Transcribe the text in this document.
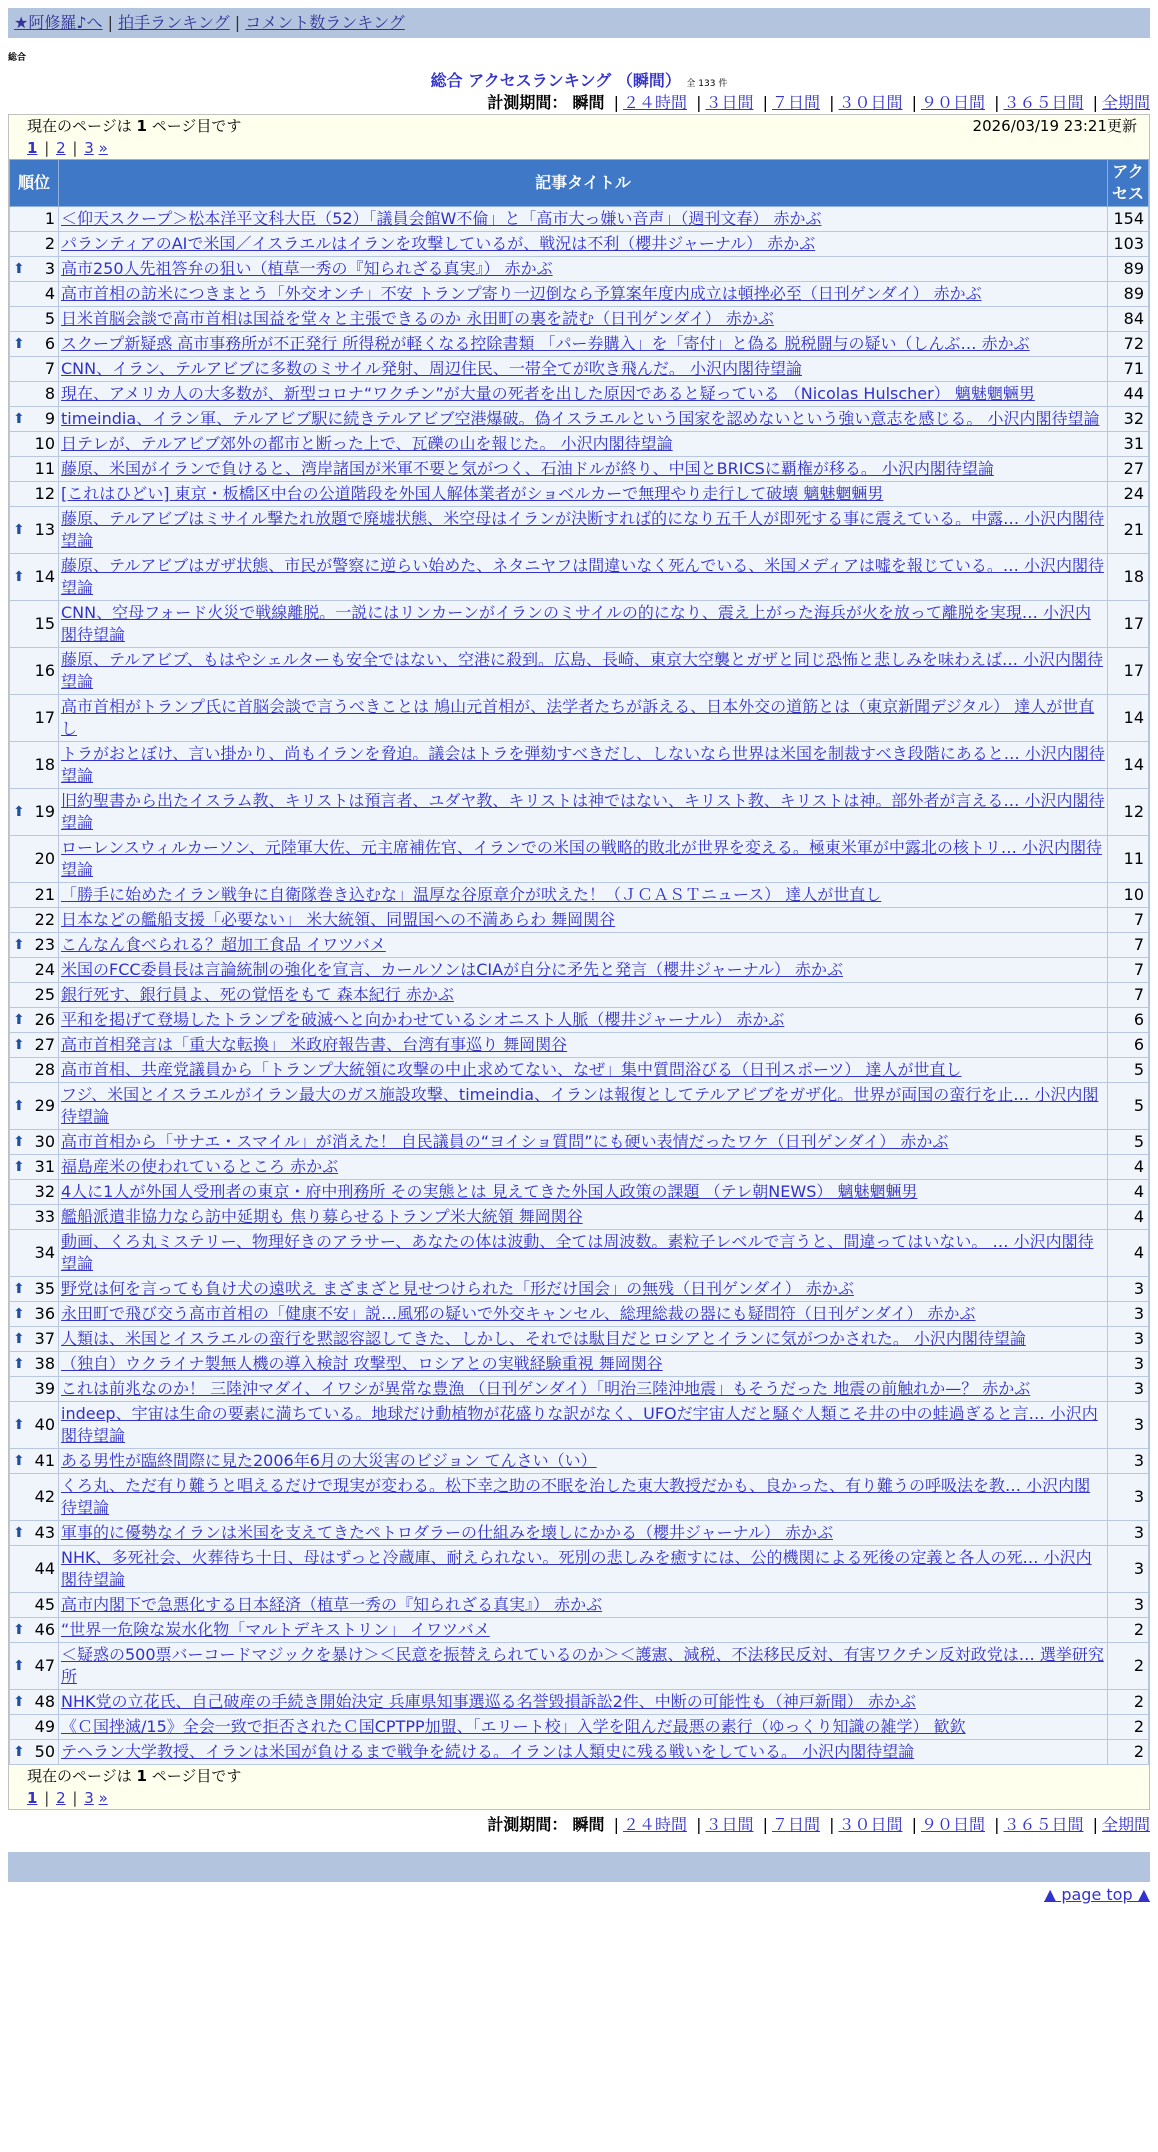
★阿修羅♪へ | 拍手ランキング | コメント数ランキング
総合
総合 アクセスランキング （瞬間） 全 133 件
計測期間： 瞬間 | ２４時間 | ３日間 | ７日間 | ３０日間 | ９０日間 | ３６５日間 | 全期間
現在のページは 1 ページ目です	2026/03/19 23:21更新
1 | 2 | 3 »
順位	記事タイトル	アクセス
1	＜仰天スクープ＞松本洋平文科大臣（52）「議員会館W不倫」と「高市大っ嫌い音声」（週刊文春） 赤かぶ	154
2	パランティアのAIで米国／イスラエルはイランを攻撃しているが、戦況は不利（櫻井ジャーナル） 赤かぶ	103

⬆ 3	高市250人先祖答弁の狙い（植草一秀の『知られざる真実』） 赤かぶ	89
4	高市首相の訪米につきまとう「外交オンチ」不安 トランプ寄り一辺倒なら予算案年度内成立は頓挫必至（日刊ゲンダイ） 赤かぶ	89
5	日米首脳会談で高市首相は国益を堂々と主張できるのか 永田町の裏を読む（日刊ゲンダイ） 赤かぶ	84

⬆ 6	スクープ新疑惑 高市事務所が不正発行 所得税が軽くなる控除書類 「パー券購入」を「寄付」と偽る 脱税闘与の疑い（しんぶ… 赤かぶ	72
7	CNN、イラン、テルアビブに多数のミサイル発射、周辺住民、一帯全てが吹き飛んだ。 小沢内閣待望論	71
8	現在、アメリカ人の大多数が、新型コロナ“ワクチン”が大量の死者を出した原因であると疑っている （Nicolas Hulscher） 魑魅魍魎男	44

⬆ 9	timeindia、イラン軍、テルアビブ駅に続きテルアビブ空港爆破。偽イスラエルという国家を認めないという強い意志を感じる。 小沢内閣待望論	32
10	日テレが、テルアビブ郊外の都市と断った上で、瓦礫の山を報じた。 小沢内閣待望論	31
11	藤原、米国がイランで負けると、湾岸諸国が米軍不要と気がつく、石油ドルが終り、中国とBRICSに覇権が移る。 小沢内閣待望論	27
12	[これはひどい] 東京・板橋区中台の公道階段を外国人解体業者がショベルカーで無理やり走行して破壊 魑魅魍魎男	24

⬆ 13	藤原、テルアビブはミサイル撃たれ放題で廃墟状態、米空母はイランが決断すれば的になり五千人が即死する事に震えている。中露… 小沢内閣待望論	21

⬆ 14	藤原、テルアビブはガザ状態、市民が警察に逆らい始めた、ネタニヤフは間違いなく死んでいる、米国メディアは嘘を報じている。… 小沢内閣待望論	18
15	CNN、空母フォード火災で戦線離脱。一説にはリンカーンがイランのミサイルの的になり、震え上がった海兵が火を放って離脱を実現… 小沢内閣待望論	17
16	藤原、テルアビブ、もはやシェルターも安全ではない、空港に殺到。広島、長崎、東京大空襲とガザと同じ恐怖と悲しみを味わえば… 小沢内閣待望論	17
17	高市首相がトランプ氏に首脳会談で言うべきことは 鳩山元首相が、法学者たちが訴える、日本外交の道筋とは（東京新聞デジタル） 達人が世直し	14
18	トラがおとぼけ、言い掛かり、尚もイランを脅迫。議会はトラを弾劾すべきだし、しないなら世界は米国を制裁すべき段階にあると… 小沢内閣待望論	14

⬆ 19	旧約聖書から出たイスラム教、キリストは預言者、ユダヤ教、キリストは神ではない、キリスト教、キリストは神。部外者が言える… 小沢内閣待望論	12
20	ローレンスウィルカーソン、元陸軍大佐、元主席補佐官、イランでの米国の戦略的敗北が世界を変える。極東米軍が中露北の核トリ… 小沢内閣待望論	11
21	「勝手に始めたイラン戦争に自衛隊巻き込むな」温厚な谷原章介が吠えた！（ＪＣＡＳＴニュース） 達人が世直し	10
22	日本などの艦船支援「必要ない」 米大統領、同盟国への不満あらわ 舞岡関谷	7

⬆ 23	こんなん食べられる？超加工食品 イワツバメ	7
24	米国のFCC委員長は言論統制の強化を宣言、カールソンはCIAが自分に矛先と発言（櫻井ジャーナル） 赤かぶ	7
25	銀行死す、銀行員よ、死の覚悟をもて 森本紀行 赤かぶ	7

⬆ 26	平和を掲げて登場したトランプを破滅へと向かわせているシオニスト人脈（櫻井ジャーナル） 赤かぶ	6

⬆ 27	高市首相発言は「重大な転換」 米政府報告書、台湾有事巡り 舞岡関谷	6
28	高市首相、共産党議員から「トランプ大統領に攻撃の中止求めてない、なぜ」集中質問浴びる（日刊スポーツ） 達人が世直し	5

⬆ 29	フジ、米国とイスラエルがイラン最大のガス施設攻撃、timeindia、イランは報復としてテルアビブをガザ化。世界が両国の蛮行を止… 小沢内閣待望論	5

⬆ 30	高市首相から「サナエ・スマイル」が消えた！ 自民議員の“ヨイショ質問”にも硬い表情だったワケ（日刊ゲンダイ） 赤かぶ	5

⬆ 31	福島産米の使われているところ 赤かぶ	4
32	4人に1人が外国人受刑者の東京・府中刑務所 その実態とは 見えてきた外国人政策の課題 （テレ朝NEWS） 魑魅魍魎男	4
33	艦船派遣非協力なら訪中延期も 焦り募らせるトランプ米大統領 舞岡関谷	4
34	動画、くろ丸ミステリー、物理好きのアラサー、あなたの体は波動、全ては周波数。素粒子レベルで言うと、間違ってはいない。 … 小沢内閣待望論	4

⬆ 35	野党は何を言っても負け犬の遠吠え まざまざと見せつけられた「形だけ国会」の無残（日刊ゲンダイ） 赤かぶ	3

⬆ 36	永田町で飛び交う高市首相の「健康不安」説…風邪の疑いで外交キャンセル、総理総裁の器にも疑問符（日刊ゲンダイ） 赤かぶ	3

⬆ 37	人類は、米国とイスラエルの蛮行を黙認容認してきた、しかし、それでは駄目だとロシアとイランに気がつかされた。 小沢内閣待望論	3

⬆ 38	（独自）ウクライナ製無人機の導入検討 攻撃型、ロシアとの実戦経験重視 舞岡関谷	3
39	これは前兆なのか！ 三陸沖マダイ、イワシが異常な豊漁 （日刊ゲンダイ）「明治三陸沖地震」もそうだった 地震の前触れか—？ 赤かぶ	3

⬆ 40	indeep、宇宙は生命の要素に満ちている。地球だけ動植物が花盛りな訳がなく、UFOだ宇宙人だと騒ぐ人類こそ井の中の蛙過ぎると言… 小沢内閣待望論	3

⬆ 41	ある男性が臨終間際に見た2006年6月の大災害のビジョン てんさい（い）	3
42	くろ丸、ただ有り難うと唱えるだけで現実が変わる。松下幸之助の不眠を治した東大教授だかも、良かった、有り難うの呼吸法を教… 小沢内閣待望論	3

⬆ 43	軍事的に優勢なイランは米国を支えてきたペトロダラーの仕組みを壊しにかかる（櫻井ジャーナル） 赤かぶ	3
44	NHK、多死社会、火葬待ち十日、母はずっと冷蔵庫、耐えられない。死別の悲しみを癒すには、公的機関による死後の定義と各人の死… 小沢内閣待望論	3
45	高市内閣下で急悪化する日本経済（植草一秀の『知られざる真実』） 赤かぶ	3

⬆ 46	“世界一危険な炭水化物「マルトデキストリン」 イワツバメ	2

⬆ 47	＜疑惑の500票バーコードマジックを暴け＞＜民意を振替えられているのか＞＜護憲、減税、不法移民反対、有害ワクチン反対政党は… 選挙研究所	2

⬆ 48	NHK党の立花氏、自己破産の手続き開始決定 兵庫県知事選巡る名誉毀損訴訟2件、中断の可能性も（神戸新聞） 赤かぶ	2
49	《Ｃ国挫滅/15》全会一致で拒否されたＣ国CPTPP加盟、「エリート校」入学を阻んだ最悪の素行（ゆっくり知識の雑学） 歓欽	2

⬆ 50	テヘラン大学教授、イランは米国が負けるまで戦争を続ける。イランは人類史に残る戦いをしている。 小沢内閣待望論	2
現在のページは 1 ページ目です
1 | 2 | 3 »
計測期間： 瞬間 | ２４時間 | ３日間 | ７日間 | ３０日間 | ９０日間 | ３６５日間 | 全期間
▲ page top ▲
